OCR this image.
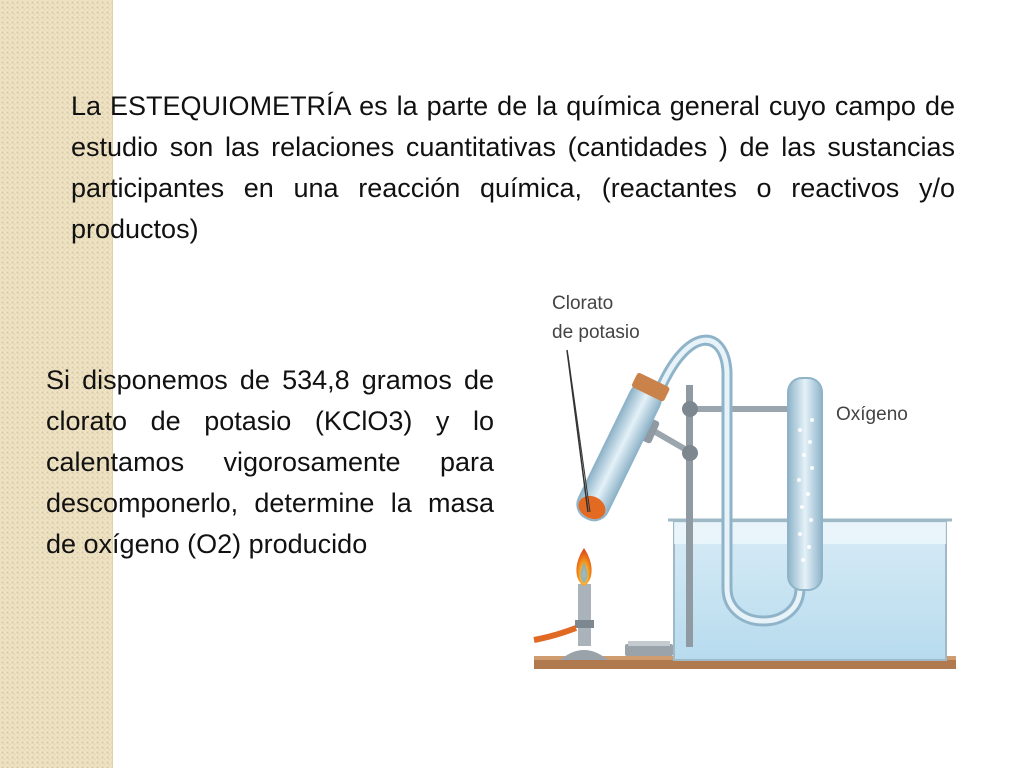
La ESTEQUIOMETRÍA es la parte de la química general cuyo campo de estudio son las relaciones cuantitativas (cantidades ) de las sustancias participantes en una reacción química, (reactantes o reactivos y/o productos)

Si disponemos de 534,8 gramos de clorato de potasio (KClO3) y lo calentamos vigorosamente para descomponerlo, determine la masa de oxígeno (O2) producido

Clorato
de potasio
Oxígeno
